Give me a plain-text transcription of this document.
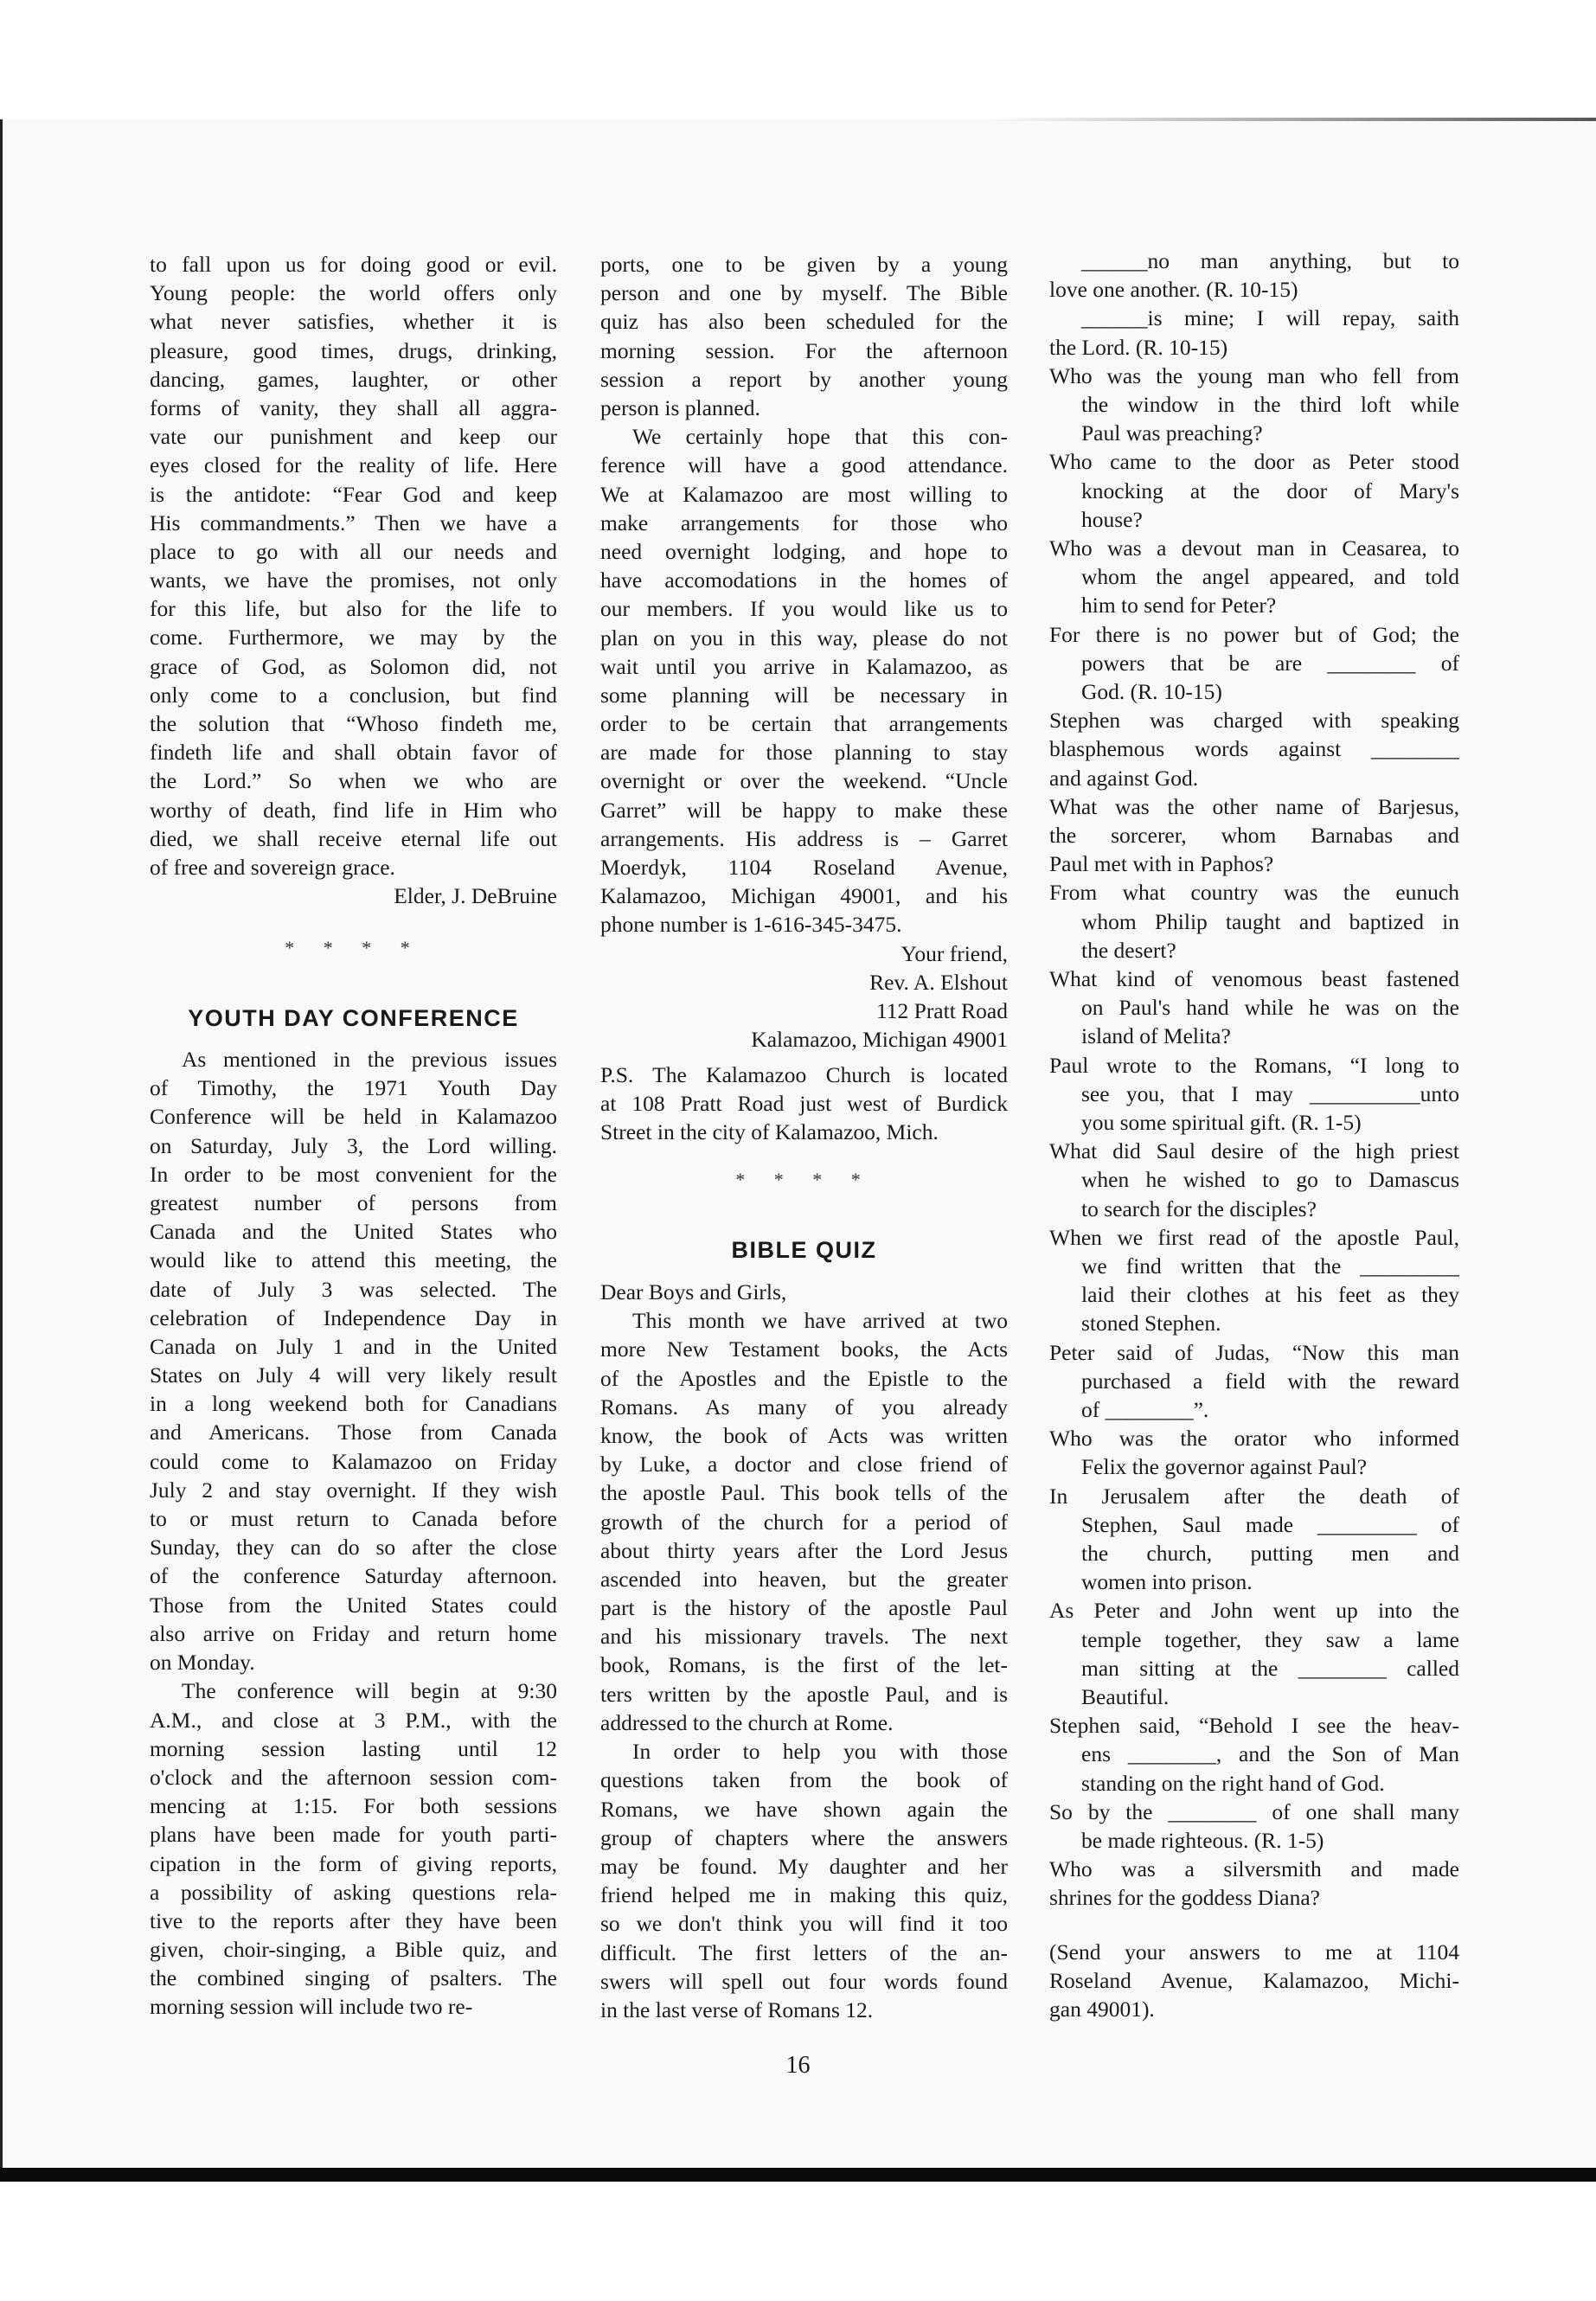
to fall upon us for doing good or evil.
Young people: the world offers only
what never satisfies, whether it is
pleasure, good times, drugs, drinking,
dancing, games, laughter, or other
forms of vanity, they shall all aggra-
vate our punishment and keep our
eyes closed for the reality of life. Here
is the antidote: “Fear God and keep
His commandments.” Then we have a
place to go with all our needs and
wants, we have the promises, not only
for this life, but also for the life to
come. Furthermore, we may by the
grace of God, as Solomon did, not
only come to a conclusion, but find
the solution that “Whoso findeth me,
findeth life and shall obtain favor of
the Lord.” So when we who are
worthy of death, find life in Him who
died, we shall receive eternal life out
of free and sovereign grace.
Elder, J. DeBruine
As mentioned in the previous issues
of Timothy, the 1971 Youth Day
Conference will be held in Kalamazoo
on Saturday, July 3, the Lord willing.
In order to be most convenient for the
greatest number of persons from
Canada and the United States who
would like to attend this meeting, the
date of July 3 was selected. The
celebration of Independence Day in
Canada on July 1 and in the United
States on July 4 will very likely result
in a long weekend both for Canadians
and Americans. Those from Canada
could come to Kalamazoo on Friday
July 2 and stay overnight. If they wish
to or must return to Canada before
Sunday, they can do so after the close
of the conference Saturday afternoon.
Those from the United States could
also arrive on Friday and return home
on Monday.
The conference will begin at 9:30
A.M., and close at 3 P.M., with the
morning session lasting until 12
o'clock and the afternoon session com-
mencing at 1:15. For both sessions
plans have been made for youth parti-
cipation in the form of giving reports,
a possibility of asking questions rela-
tive to the reports after they have been
given, choir-singing, a Bible quiz, and
the combined singing of psalters. The
morning session will include two re-
ports, one to be given by a young
person and one by myself. The Bible
quiz has also been scheduled for the
morning session. For the afternoon
session a report by another young
person is planned.
We certainly hope that this con-
ference will have a good attendance.
We at Kalamazoo are most willing to
make arrangements for those who
need overnight lodging, and hope to
have accomodations in the homes of
our members. If you would like us to
plan on you in this way, please do not
wait until you arrive in Kalamazoo, as
some planning will be necessary in
order to be certain that arrangements
are made for those planning to stay
overnight or over the weekend. “Uncle
Garret” will be happy to make these
arrangements. His address is – Garret
Moerdyk, 1104 Roseland Avenue,
Kalamazoo, Michigan 49001, and his
phone number is 1-616-345-3475.
Your friend,
Rev. A. Elshout
112 Pratt Road
Kalamazoo, Michigan 49001
P.S. The Kalamazoo Church is located
at 108 Pratt Road just west of Burdick
Street in the city of Kalamazoo, Mich.
Dear Boys and Girls,
This month we have arrived at two
more New Testament books, the Acts
of the Apostles and the Epistle to the
Romans. As many of you already
know, the book of Acts was written
by Luke, a doctor and close friend of
the apostle Paul. This book tells of the
growth of the church for a period of
about thirty years after the Lord Jesus
ascended into heaven, but the greater
part is the history of the apostle Paul
and his missionary travels. The next
book, Romans, is the first of the let-
ters written by the apostle Paul, and is
addressed to the church at Rome.
In order to help you with those
questions taken from the book of
Romans, we have shown again the
group of chapters where the answers
may be found. My daughter and her
friend helped me in making this quiz,
so we don't think you will find it too
difficult. The first letters of the an-
swers will spell out four words found
in the last verse of Romans 12.
______no man anything, but to
love one another. (R. 10-15)
______is mine; I will repay, saith
the Lord. (R. 10-15)
Who was the young man who fell from
the window in the third loft while
Paul was preaching?
Who came to the door as Peter stood
knocking at the door of Mary's
house?
Who was a devout man in Ceasarea, to
whom the angel appeared, and told
him to send for Peter?
For there is no power but of God; the
powers that be are ________ of
God. (R. 10-15)
Stephen was charged with speaking
blasphemous words against ________
and against God.
What was the other name of Barjesus,
the sorcerer, whom Barnabas and
Paul met with in Paphos?
From what country was the eunuch
whom Philip taught and baptized in
the desert?
What kind of venomous beast fastened
on Paul's hand while he was on the
island of Melita?
Paul wrote to the Romans, “I long to
see you, that I may __________unto
you some spiritual gift. (R. 1-5)
What did Saul desire of the high priest
when he wished to go to Damascus
to search for the disciples?
When we first read of the apostle Paul,
we find written that the _________
laid their clothes at his feet as they
stoned Stephen.
Peter said of Judas, “Now this man
purchased a field with the reward
of ________”.
Who was the orator who informed
Felix the governor against Paul?
In Jerusalem after the death of
Stephen, Saul made _________ of
the church, putting men and
women into prison.
As Peter and John went up into the
temple together, they saw a lame
man sitting at the ________ called
Beautiful.
Stephen said, “Behold I see the heav-
ens ________, and the Son of Man
standing on the right hand of God.
So by the ________ of one shall many
be made righteous. (R. 1-5)
Who was a silversmith and made
shrines for the goddess Diana?
(Send your answers to me at 1104
Roseland Avenue, Kalamazoo, Michi-
gan 49001).
* * * *
YOUTH DAY CONFERENCE
* * * *
BIBLE QUIZ
16
